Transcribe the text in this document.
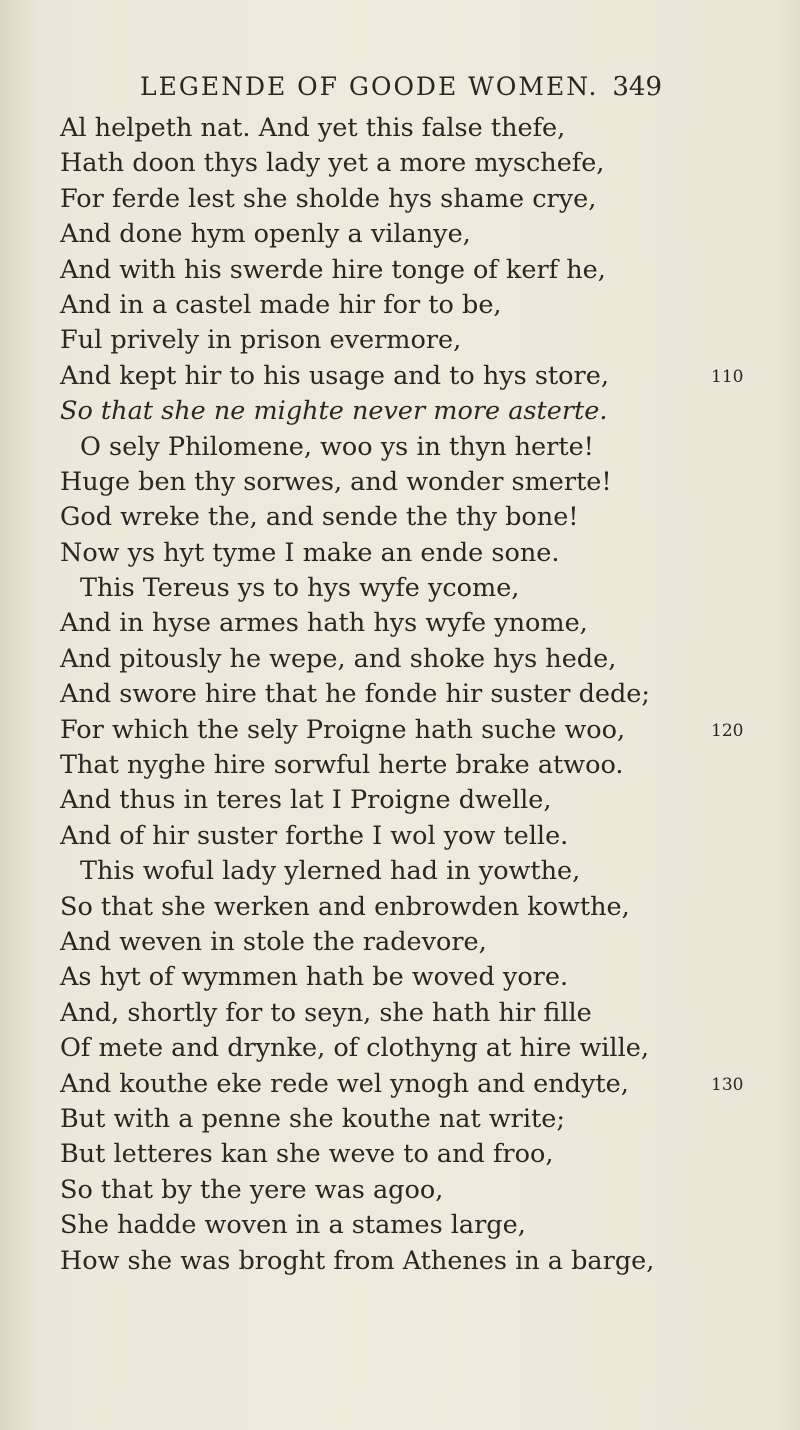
LEGENDE OF GOODE WOMEN. 349
Al helpeth nat. And yet this false thefe,
Hath doon thys lady yet a more myschefe,
For ferde lest she sholde hys shame crye,
And done hym openly a vilanye,
And with his swerde hire tonge of kerf he,
And in a castel made hir for to be,
Ful prively in prison evermore,
And kept hir to his usage and to hys store,	110
So that she ne mighte never more asterte.
O sely Philomene, woo ys in thyn herte!
Huge ben thy sorwes, and wonder smerte!
God wreke the, and sende the thy bone!
Now ys hyt tyme I make an ende sone.
This Tereus ys to hys wyfe ycome,
And in hyse armes hath hys wyfe ynome,
And pitously he wepe, and shoke hys hede,
And swore hire that he fonde hir suster dede;
For which the sely Proigne hath suche woo,	120
That nyghe hire sorwful herte brake atwoo.
And thus in teres lat I Proigne dwelle,
And of hir suster forthe I wol yow telle.
This woful lady ylerned had in yowthe,
So that she werken and enbrowden kowthe,
And weven in stole the radevore,
As hyt of wymmen hath be woved yore.
And, shortly for to seyn, she hath hir fille
Of mete and drynke, of clothyng at hire wille,
And kouthe eke rede wel ynogh and endyte,	130
But with a penne she kouthe nat write;
But letteres kan she weve to and froo,
So that by the yere was agoo,
She hadde woven in a stames large,
How she was broght from Athenes in a barge,
